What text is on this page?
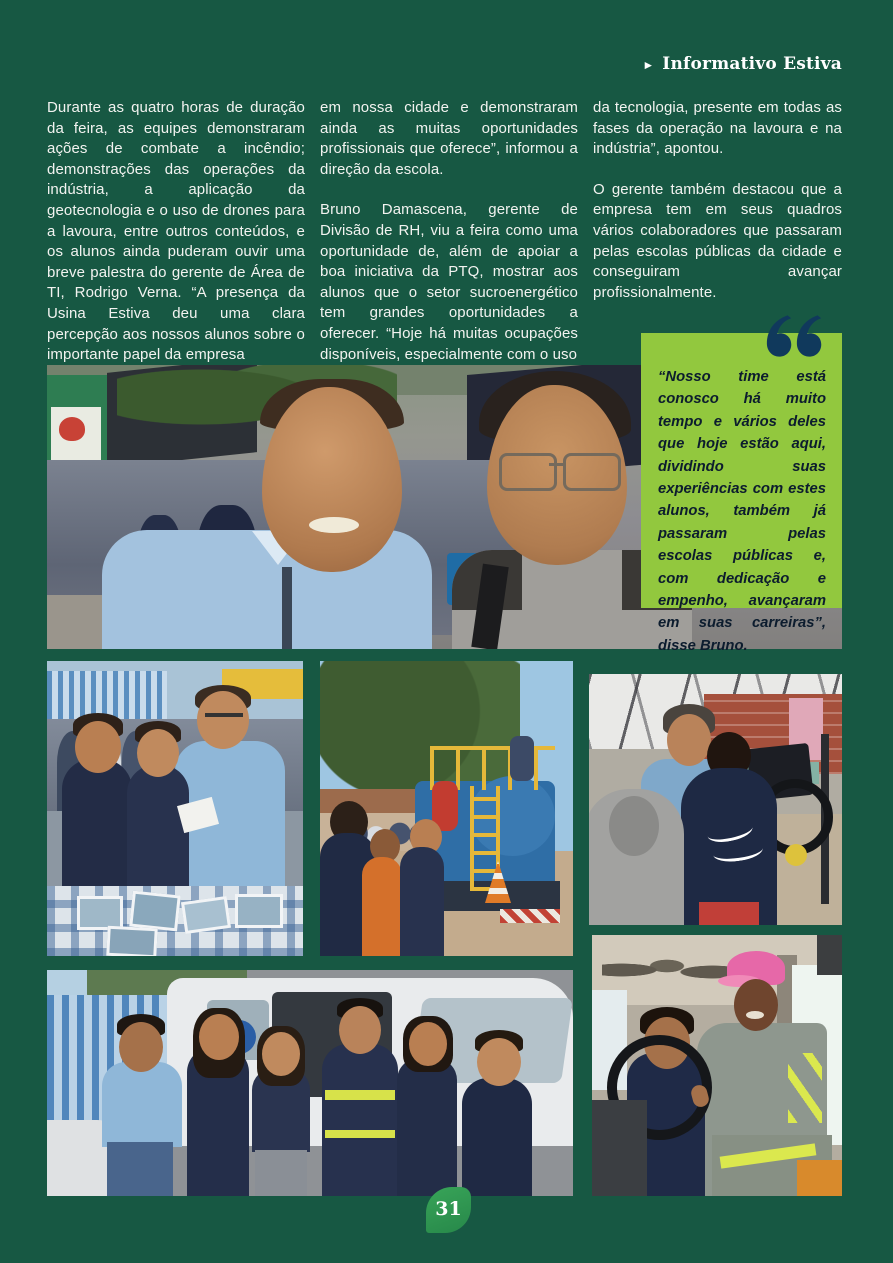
► Informativo Estiva
Durante as quatro horas de duração da feira, as equipes demonstraram ações de combate a incêndio; demonstrações das operações da indústria, a aplicação da geotecnologia e o uso de drones para a lavoura, entre outros conteúdos, e os alunos ainda puderam ouvir uma breve palestra do gerente de Área de TI, Rodrigo Verna. “A presença da Usina Estiva deu uma clara percepção aos nossos alunos sobre o importante papel da empresa
em nossa cidade e demonstraram ainda as muitas oportunidades profissionais que oferece”, informou a direção da escola.
Bruno Damascena, gerente de Divisão de RH, viu a feira como uma oportunidade de, além de apoiar a boa iniciativa da PTQ, mostrar aos alunos que o setor sucroenergético tem grandes oportunidades a oferecer. “Hoje há muitas ocupações disponíveis, especialmente com o uso
da tecnologia, presente em todas as fases da operação na lavoura e na indústria”, apontou.
O gerente também destacou que a empresa tem em seus quadros vários colaboradores que passaram pelas escolas públicas da cidade e conseguiram avançar profissionalmente.
“Nosso time está conosco há muito tempo e vários deles que hoje estão aqui, dividindo suas experiências com estes alunos, também já passaram pelas escolas públicas e, com dedicação e empenho, avançaram em suas carreiras”, disse Bruno.
31
